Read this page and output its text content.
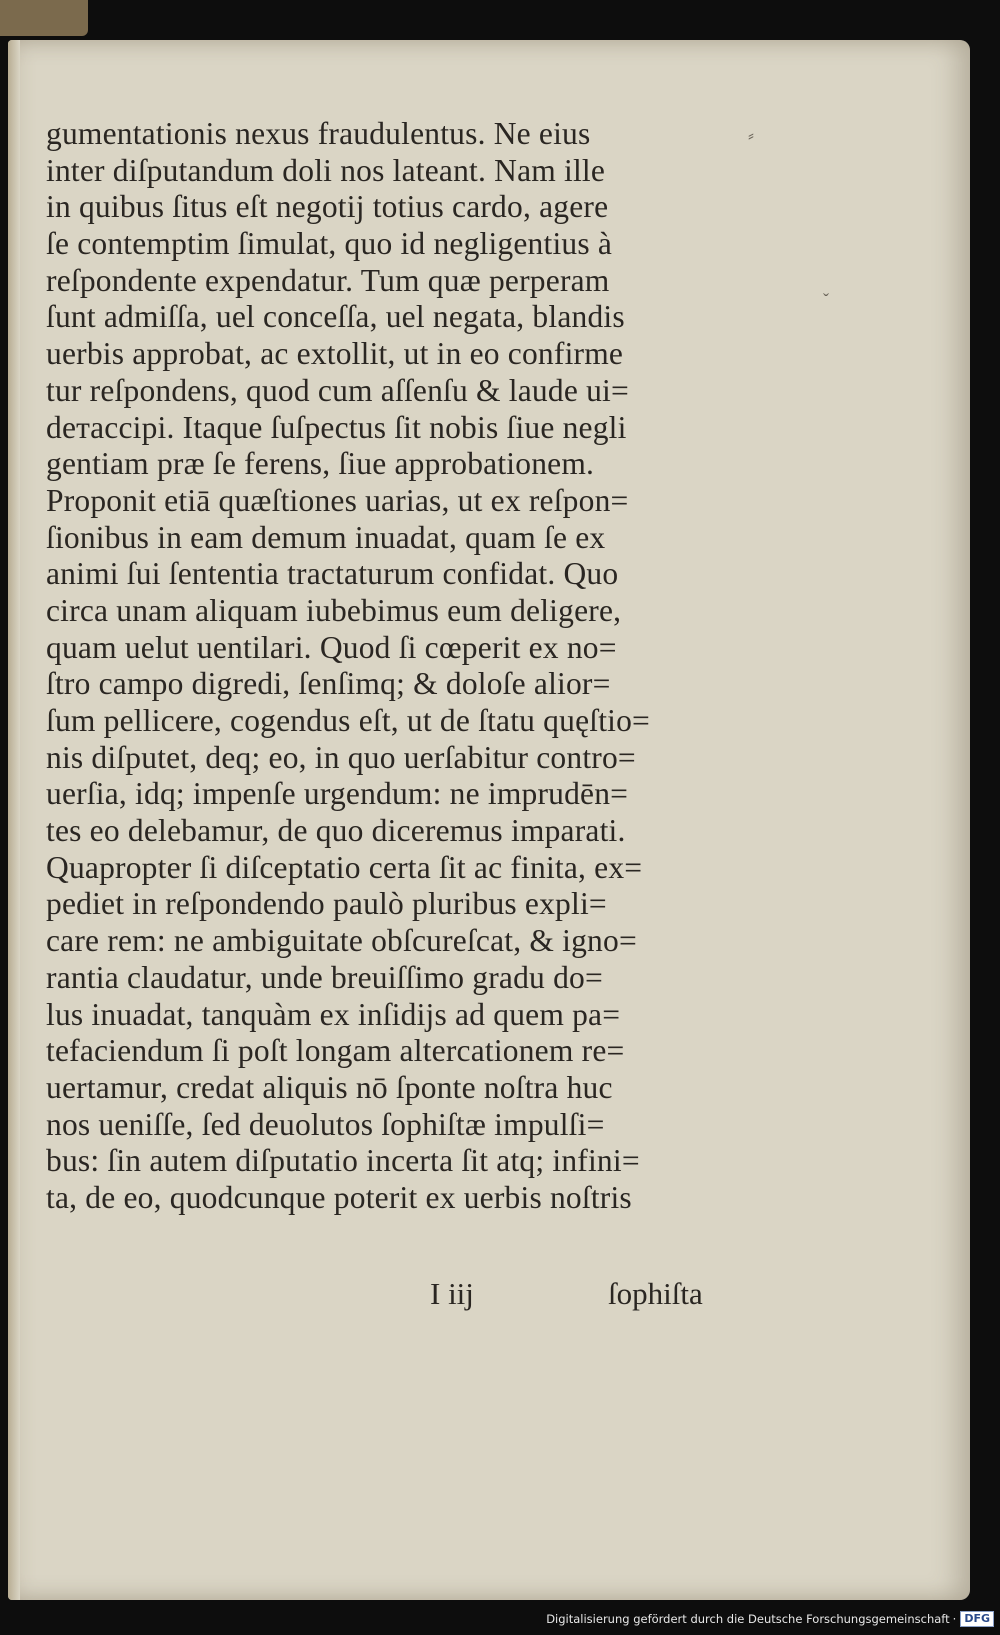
gumentationis nexus fraudulentus. Ne eius
inter diſputandum doli nos lateant. Nam ille
in quibus ſitus eſt negotij totius cardo, agere
ſe contemptim ſimulat, quo id negligentius à
reſpondente expendatur. Tum quæ perperam
ſunt admiſſa, uel conceſſa, uel negata, blandis
uerbis approbat, ac extollit, ut in eo confirme
tur reſpondens, quod cum aſſenſu & laude ui=
deтaccipi. Itaque ſuſpectus ſit nobis ſiue negli
gentiam præ ſe ferens, ſiue approbationem.
Proponit etiā quæſtiones uarias, ut ex reſpon=
ſionibus in eam demum inuadat, quam ſe ex
animi ſui ſententia tractaturum confidat. Quo
circa unam aliquam iubebimus eum deligere,
quam uelut uentilari. Quod ſi cœperit ex no=
ſtro campo digredi, ſenſimq; & doloſe alior=
ſum pellicere, cogendus eſt, ut de ſtatu quęſtio=
nis diſputet, deq; eo, in quo uerſabitur contro=
uerſia, idq; impenſe urgendum: ne imprudēn=
tes eo delebamur, de quo diceremus imparati.
Quapropter ſi diſceptatio certa ſit ac finita, ex=
pediet in reſpondendo paulò pluribus expli=
care rem: ne ambiguitate obſcureſcat, & igno=
rantia claudatur, unde breuiſſimo gradu do=
lus inuadat, tanquàm ex inſidijs ad quem pa=
tefaciendum ſi poſt longam altercationem re=
uertamur, credat aliquis nō ſponte noſtra huc
nos ueniſſe, ſed deuolutos ſophiſtæ impulſi=
bus: ſin autem diſputatio incerta ſit atq; infini=
ta, de eo, quodcunque poterit ex uerbis noſtris
I iij	ſophiſta
⸗
ˇ
Digitalisierung gefördert durch die Deutsche Forschungsgemeinschaft · DFG
